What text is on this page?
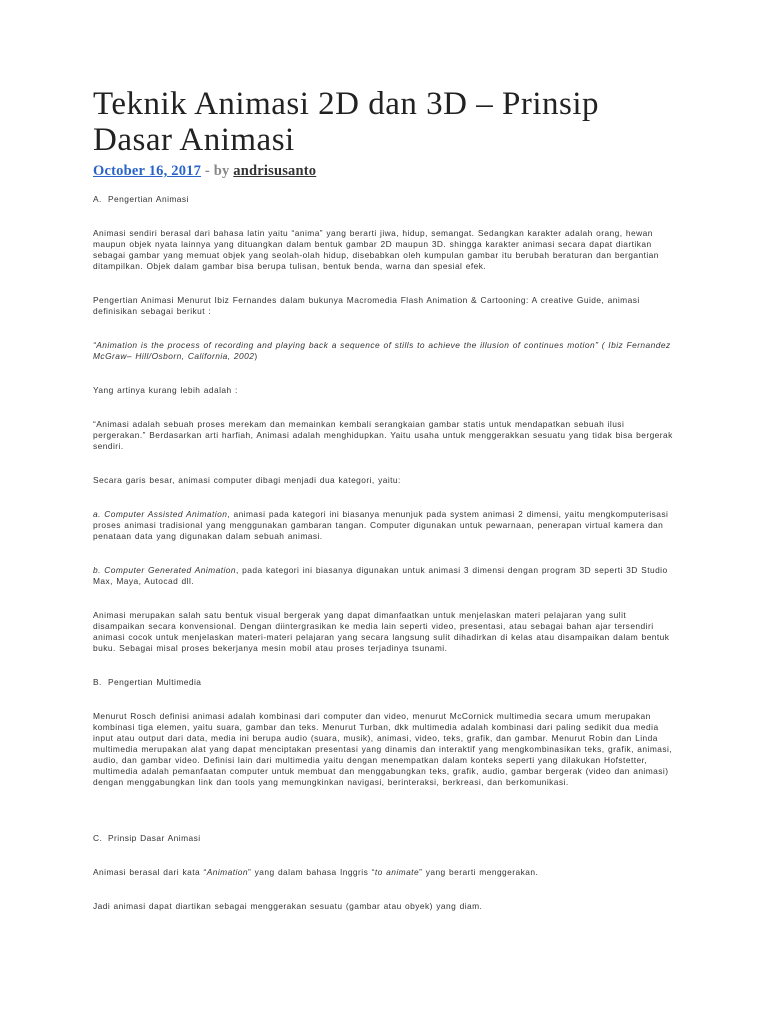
Teknik Animasi 2D dan 3D – Prinsip Dasar Animasi
October 16, 2017 - by andrisusanto
A. Pengertian Animasi

Animasi sendiri berasal dari bahasa latin yaitu “anima” yang berarti jiwa, hidup, semangat. Sedangkan karakter adalah orang, hewan maupun objek nyata lainnya yang dituangkan dalam bentuk gambar 2D maupun 3D. shingga karakter animasi secara dapat diartikan sebagai gambar yang memuat objek yang seolah-olah hidup, disebabkan oleh kumpulan gambar itu berubah beraturan dan bergantian ditampilkan. Objek dalam gambar bisa berupa tulisan, bentuk benda, warna dan spesial efek.

Pengertian Animasi Menurut Ibiz Fernandes dalam bukunya Macromedia Flash Animation & Cartooning: A creative Guide, animasi definisikan sebagai berikut :

“Animation is the process of recording and playing back a sequence of stills to achieve the illusion of continues motion” ( Ibiz Fernandez McGraw– Hill/Osborn, California, 2002)

Yang artinya kurang lebih adalah :

“Animasi adalah sebuah proses merekam dan memainkan kembali serangkaian gambar statis untuk mendapatkan sebuah ilusi pergerakan.” Berdasarkan arti harfiah, Animasi adalah menghidupkan. Yaitu usaha untuk menggerakkan sesuatu yang tidak bisa bergerak sendiri.

Secara garis besar, animasi computer dibagi menjadi dua kategori, yaitu:

a. Computer Assisted Animation, animasi pada kategori ini biasanya menunjuk pada system animasi 2 dimensi, yaitu mengkomputerisasi proses animasi tradisional yang menggunakan gambaran tangan. Computer digunakan untuk pewarnaan, penerapan virtual kamera dan penataan data yang digunakan dalam sebuah animasi.

b. Computer Generated Animation, pada kategori ini biasanya digunakan untuk animasi 3 dimensi dengan program 3D seperti 3D Studio Max, Maya, Autocad dll.

Animasi merupakan salah satu bentuk visual bergerak yang dapat dimanfaatkan untuk menjelaskan materi pelajaran yang sulit disampaikan secara konvensional. Dengan diintergrasikan ke media lain seperti video, presentasi, atau sebagai bahan ajar tersendiri animasi cocok untuk menjelaskan materi-materi pelajaran yang secara langsung sulit dihadirkan di kelas atau disampaikan dalam bentuk buku. Sebagai misal proses bekerjanya mesin mobil atau proses terjadinya tsunami.

B. Pengertian Multimedia

Menurut Rosch definisi animasi adalah kombinasi dari computer dan video, menurut McCornick multimedia secara umum merupakan kombinasi tiga elemen, yaitu suara, gambar dan teks. Menurut Turban, dkk multimedia adalah kombinasi dari paling sedikit dua media input atau output dari data, media ini berupa audio (suara, musik), animasi, video, teks, grafik, dan gambar. Menurut Robin dan Linda multimedia merupakan alat yang dapat menciptakan presentasi yang dinamis dan interaktif yang mengkombinasikan teks, grafik, animasi, audio, dan gambar video. Definisi lain dari multimedia yaitu dengan menempatkan dalam konteks seperti yang dilakukan Hofstetter, multimedia adalah pemanfaatan computer untuk membuat dan menggabungkan teks, grafik, audio, gambar bergerak (video dan animasi) dengan menggabungkan link dan tools yang memungkinkan navigasi, berinteraksi, berkreasi, dan berkomunikasi.

C. Prinsip Dasar Animasi

Animasi berasal dari kata “Animation” yang dalam bahasa Inggris “to animate” yang berarti menggerakan.

Jadi animasi dapat diartikan sebagai menggerakan sesuatu (gambar atau obyek) yang diam.
